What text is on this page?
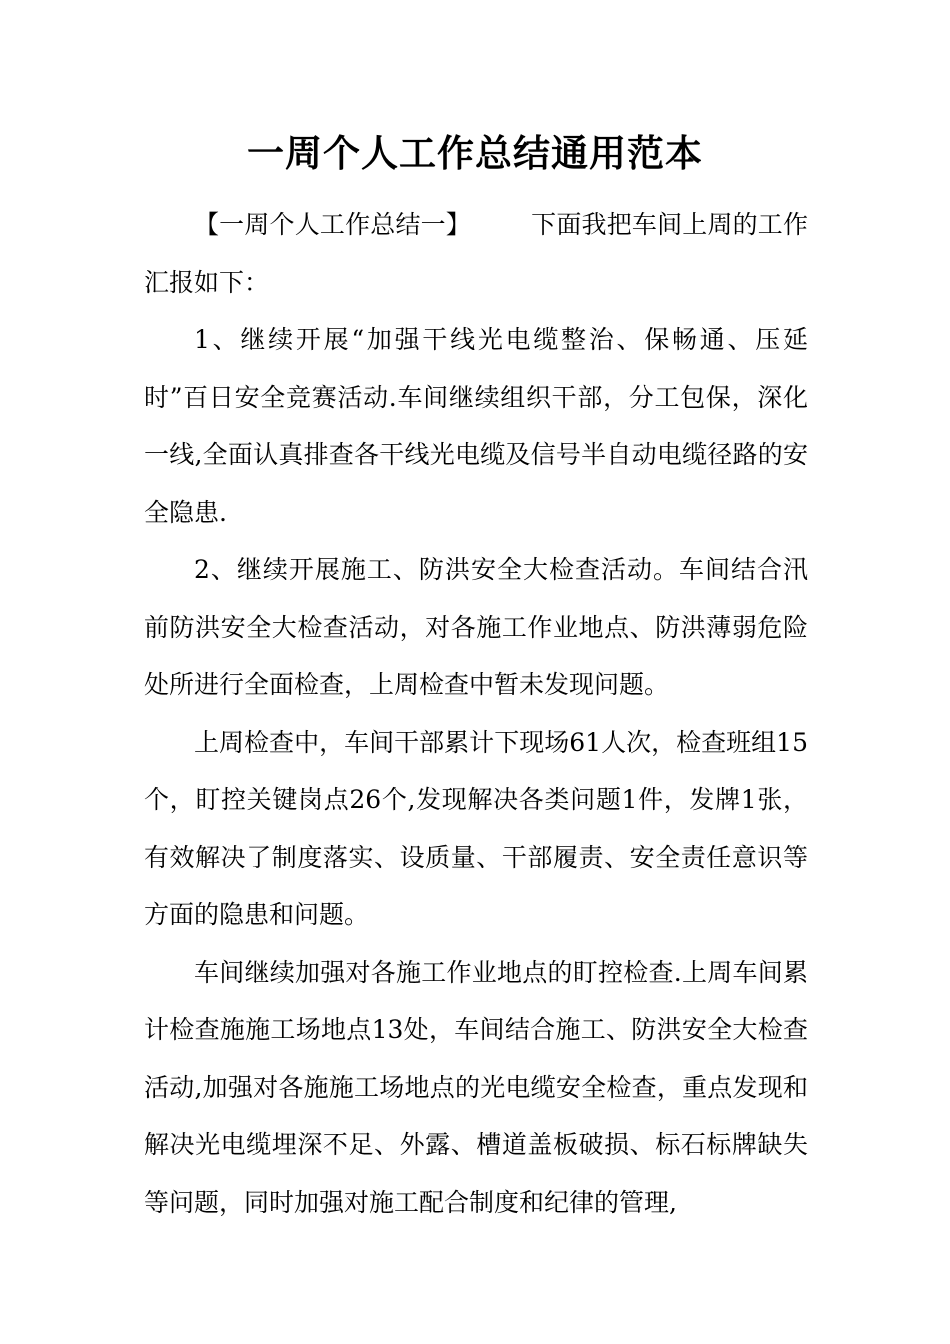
一周个人工作总结通用范本

【一周个人工作总结一】 下面我把车间上周的工作汇报如下：

1、继续开展“加强干线光电缆整治、保畅通、压延时”百日安全竞赛活动.车间继续组织干部，分工包保，深化一线,全面认真排查各干线光电缆及信号半自动电缆径路的安全隐患.

2、继续开展施工、防洪安全大检查活动。车间结合汛前防洪安全大检查活动，对各施工作业地点、防洪薄弱危险处所进行全面检查，上周检查中暂未发现问题。

上周检查中，车间干部累计下现场61人次，检查班组15个，盯控关键岗点26个,发现解决各类问题1件，发牌1张，有效解决了制度落实、设质量、干部履责、安全责任意识等方面的隐患和问题。

车间继续加强对各施工作业地点的盯控检查.上周车间累计检查施施工场地点13处，车间结合施工、防洪安全大检查活动,加强对各施施工场地点的光电缆安全检查，重点发现和解决光电缆埋深不足、外露、槽道盖板破损、标石标牌缺失等问题，同时加强对施工配合制度和纪律的管理,
